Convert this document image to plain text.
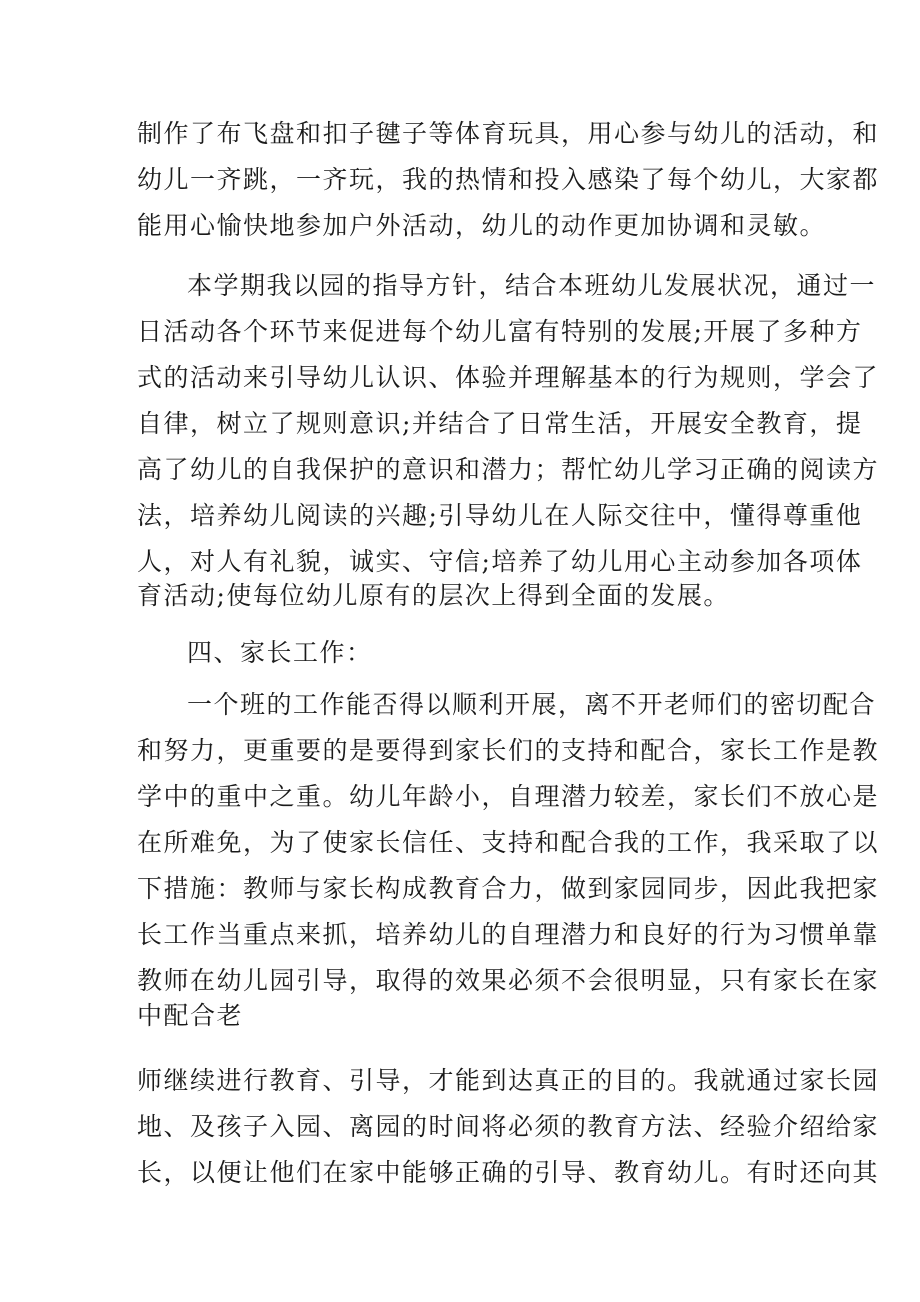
制作了布飞盘和扣子毽子等体育玩具，用心参与幼儿的活动，和
幼儿一齐跳，一齐玩，我的热情和投入感染了每个幼儿，大家都
能用心愉快地参加户外活动，幼儿的动作更加协调和灵敏。
本学期我以园的指导方针，结合本班幼儿发展状况，通过一
日活动各个环节来促进每个幼儿富有特别的发展;开展了多种方
式的活动来引导幼儿认识、体验并理解基本的行为规则，学会了
自律，树立了规则意识;并结合了日常生活，开展安全教育，提
高了幼儿的自我保护的意识和潜力；帮忙幼儿学习正确的阅读方
法，培养幼儿阅读的兴趣;引导幼儿在人际交往中，懂得尊重他
人，对人有礼貌，诚实、守信;培养了幼儿用心主动参加各项体
育活动;使每位幼儿原有的层次上得到全面的发展。
四、家长工作：
一个班的工作能否得以顺利开展，离不开老师们的密切配合
和努力，更重要的是要得到家长们的支持和配合，家长工作是教
学中的重中之重。幼儿年龄小，自理潜力较差，家长们不放心是
在所难免，为了使家长信任、支持和配合我的工作，我采取了以
下措施：教师与家长构成教育合力，做到家园同步，因此我把家
长工作当重点来抓，培养幼儿的自理潜力和良好的行为习惯单靠
教师在幼儿园引导，取得的效果必须不会很明显，只有家长在家
中配合老
师继续进行教育、引导，才能到达真正的目的。我就通过家长园
地、及孩子入园、离园的时间将必须的教育方法、经验介绍给家
长，以便让他们在家中能够正确的引导、教育幼儿。有时还向其
